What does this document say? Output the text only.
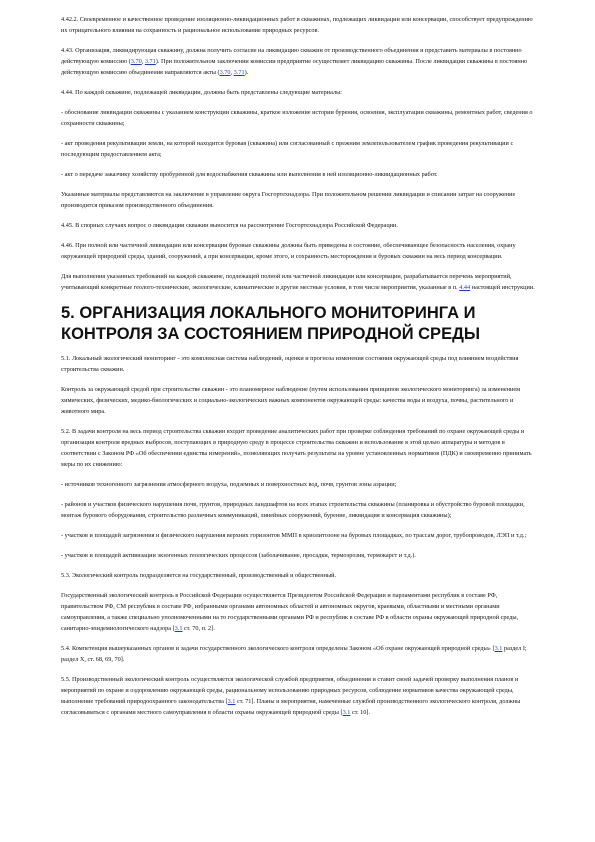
4.42.2. Своевременное и качественное проведение изоляционно-ликвидационных работ в скважинах, подлежащих ликвидации или консервации, способствует предупреждению их отрицательного влияния на сохранность и рациональное использование природных ресурсов.

4.43. Организация, ликвидирующая скважину, должна получить согласие на ликвидацию скважин от производственного объединения и представить материалы в постоянно действующую комиссию (3.70, 3.71). При положительном заключении комиссии предприятие осуществляет ликвидацию скважины. После ликвидации скважины в постоянно действующую комиссию объединения направляются акты (3.70, 3.71).

4.44. По каждой скважине, подлежащей ликвидации, должны быть представлены следующие материалы:

- обоснование ликвидации скважины с указанием конструкции скважины, краткое изложение истории бурения, освоения, эксплуатации скважины, ремонтных работ, сведения о сохранности скважины;

- акт проведения рекультивации земли, на которой находится буровая (скважина) или согласованный с прежним землепользователем график проведения рекультивации с последующим предоставлением акта;

- акт о передаче заказчику хозяйству пробуренной для водоснабжения скважины или выполнения в ней изоляционно-ликвидационных работ.

Указанные материалы представляются на заключение в управление округа Госгортехнадзора. При положительном решении ликвидации и списании затрат на сооружение производится приказом производственного объединения.

4.45. В спорных случаях вопрос о ликвидации скважин выносится на рассмотрение Госгортехнадзора Российской Федерации.

4.46. При полной или частичной ликвидации или консервации буровые скважины должны быть приведены в состояние, обеспечивающее безопасность населения, охрану окружающей природной среды, зданий, сооружений, а при консервации, кроме этого, и сохранность месторождения и буровых скважин на весь период консервации.

Для выполнения указанных требований на каждой скважине, подлежащей полной или частичной ликвидации или консервации, разрабатывается перечень мероприятий, учитывающий конкретные геолого-технические, экологические, климатические и другие местные условия, в том числе мероприятия, указанные в п. 4.44 настоящей инструкции.

5. ОРГАНИЗАЦИЯ ЛОКАЛЬНОГО МОНИТОРИНГА И КОНТРОЛЯ ЗА СОСТОЯНИЕМ ПРИРОДНОЙ СРЕДЫ

5.1. Локальный экологический мониторинг - это комплексная система наблюдений, оценки и прогноза изменения состояния окружающей среды под влиянием воздействия строительства скважин.

Контроль за окружающей средой при строительстве скважин - это планомерное наблюдение (путем использования принципов экологического мониторинга) за изменением химических, физических, медико-биологических и социально-экологических важных компонентов окружающей среды: качества воды и воздуха, почвы, растительного и животного мира.

5.2. В задачи контроля на весь период строительства скважин входит проведение аналитических работ при проверке соблюдения требований по охране окружающей среды и организация контроля вредных выбросов, поступающих в природную среду в процессе строительства скважин и использование в этой целью аппаратуры и методов в соответствии с Законом РФ «Об обеспечении единства измерений», позволяющих получать результаты на уровне установленных нормативов (ПДК) и своевременно принимать меры по их снижению:

- источников техногенного загрязнения атмосферного воздуха, подземных и поверхностных вод, почв, грунтов зоны аэрации;

- районов и участков физического нарушения почв, грунтов, природных ландшафтов на всех этапах строительства скважины (планировка и обустройство буровой площадки, монтаж бурового оборудования, строительство различных коммуникаций, линейных сооружений, бурение, ликвидация и консервация скважины);

- участков и площадей загрязнения и физического нарушения верхних горизонтов ММП в криолитозоне на буровых площадках, по трассам дорог, трубопроводов, ЛЭП и т.д.;

- участков и площадей активизации экзогенных геологических процессов (заболачивание, просадки, термоэрозия, термокарст и т.д.).

5.3. Экологический контроль подразделяется на государственный, производственный и общественный.

Государственный экологический контроль в Российской Федерации осуществляется Президентом Российской Федерации и парламентами республик в составе РФ, правительством РФ, СМ республик в составе РФ, избранными органами автономных областей и автономных округов, краевыми, областными и местными органами самоуправления, а также специально уполномоченными на то государственными органами РФ и республик в составе РФ в области охраны окружающей природной среды, санитарно-эпидемиологического надзора [3.1 ст. 70, п. 2].

5.4. Компетенция вышеуказанных органов и задачи государственного экологического контроля определены Законом «Об охране окружающей природной среды» [3.1 раздел I; раздел X, ст. 68, 69, 70].

5.5. Производственный экологический контроль осуществляется экологической службой предприятия, объединения и ставит своей задачей проверку выполнения планов и мероприятий по охране и оздоровлению окружающей среды, рациональному использованию природных ресурсов, соблюдение нормативов качества окружающей среды, выполнение требований природоохранного законодательства [3.1 ст. 71]. Планы и мероприятия, намеченные службой производственного экологического контроля, должны согласовываться с органами местного самоуправления в области охраны окружающей природной среды [3.1 ст. 10].
